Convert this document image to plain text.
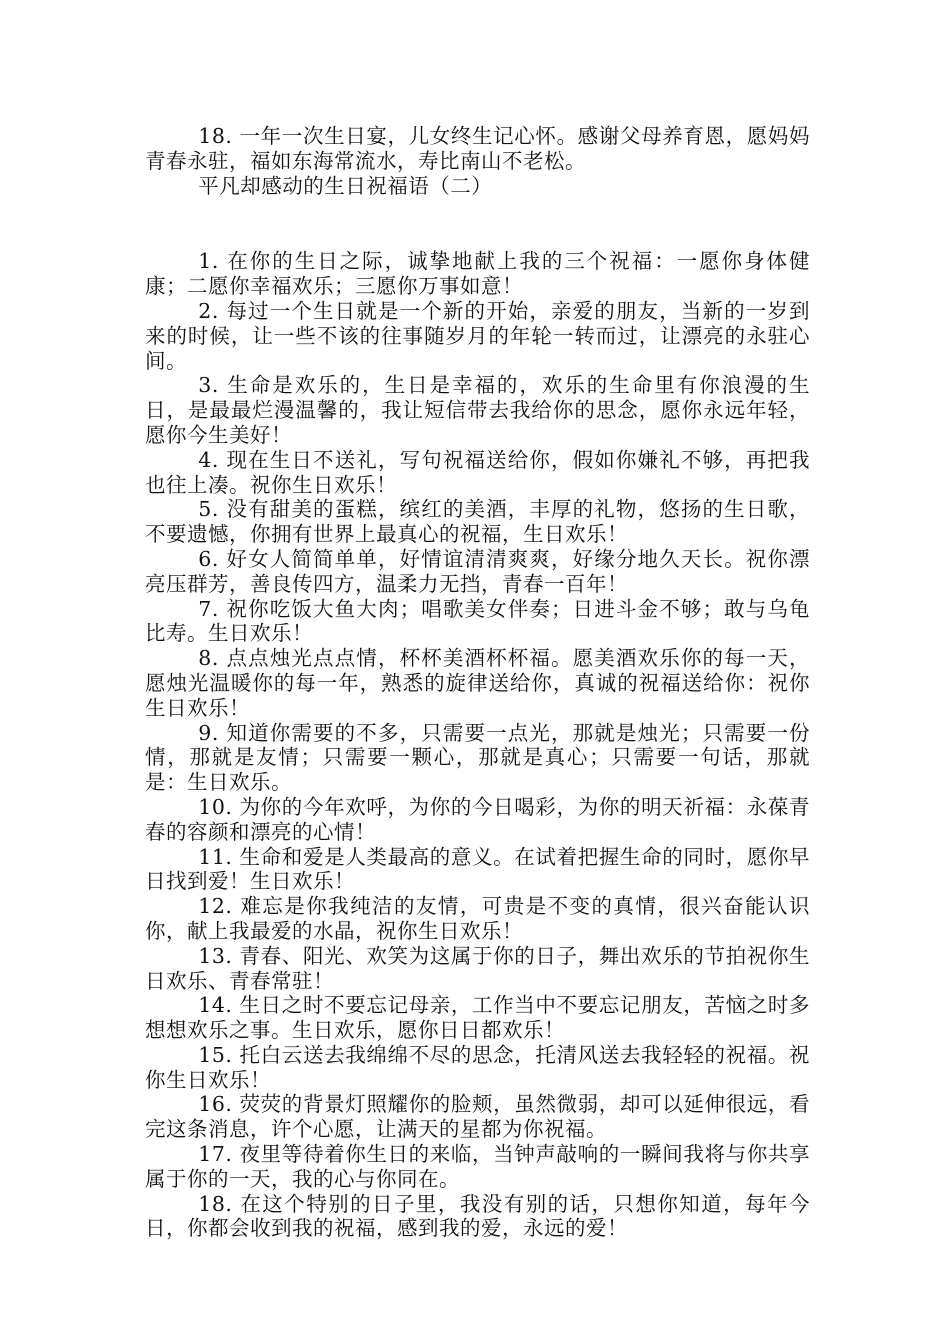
18. 一年一次生日宴，儿女终生记心怀。感谢父母养育恩，愿妈妈青春永驻，福如东海常流水，寿比南山不老松。

平凡却感动的生日祝福语（二）

1. 在你的生日之际，诚挚地献上我的三个祝福：一愿你身体健康；二愿你幸福欢乐；三愿你万事如意！

2. 每过一个生日就是一个新的开始，亲爱的朋友，当新的一岁到来的时候，让一些不该的往事随岁月的年轮一转而过，让漂亮的永驻心间。

3. 生命是欢乐的，生日是幸福的，欢乐的生命里有你浪漫的生日，是最最烂漫温馨的，我让短信带去我给你的思念，愿你永远年轻，愿你今生美好！

4. 现在生日不送礼，写句祝福送给你，假如你嫌礼不够，再把我也往上凑。祝你生日欢乐！

5. 没有甜美的蛋糕，缤红的美酒，丰厚的礼物，悠扬的生日歌，不要遗憾，你拥有世界上最真心的祝福，生日欢乐！

6. 好女人简简单单，好情谊清清爽爽，好缘分地久天长。祝你漂亮压群芳，善良传四方，温柔力无挡，青春一百年！

7. 祝你吃饭大鱼大肉；唱歌美女伴奏；日进斗金不够；敢与乌龟比寿。生日欢乐！

8. 点点烛光点点情，杯杯美酒杯杯福。愿美酒欢乐你的每一天，愿烛光温暖你的每一年，熟悉的旋律送给你，真诚的祝福送给你：祝你生日欢乐！

9. 知道你需要的不多，只需要一点光，那就是烛光；只需要一份情，那就是友情；只需要一颗心，那就是真心；只需要一句话，那就是：生日欢乐。

10. 为你的今年欢呼，为你的今日喝彩，为你的明天祈福：永葆青春的容颜和漂亮的心情！

11. 生命和爱是人类最高的意义。在试着把握生命的同时，愿你早日找到爱！生日欢乐！

12. 难忘是你我纯洁的友情，可贵是不变的真情，很兴奋能认识你，献上我最爱的水晶，祝你生日欢乐！

13. 青春、阳光、欢笑为这属于你的日子，舞出欢乐的节拍祝你生日欢乐、青春常驻！

14. 生日之时不要忘记母亲，工作当中不要忘记朋友，苦恼之时多想想欢乐之事。生日欢乐，愿你日日都欢乐！

15. 托白云送去我绵绵不尽的思念，托清风送去我轻轻的祝福。祝你生日欢乐！

16. 荧荧的背景灯照耀你的脸颊，虽然微弱，却可以延伸很远，看完这条消息，许个心愿，让满天的星都为你祝福。

17. 夜里等待着你生日的来临，当钟声敲响的一瞬间我将与你共享属于你的一天，我的心与你同在。

18. 在这个特别的日子里，我没有别的话，只想你知道，每年今日，你都会收到我的祝福，感到我的爱，永远的爱！
